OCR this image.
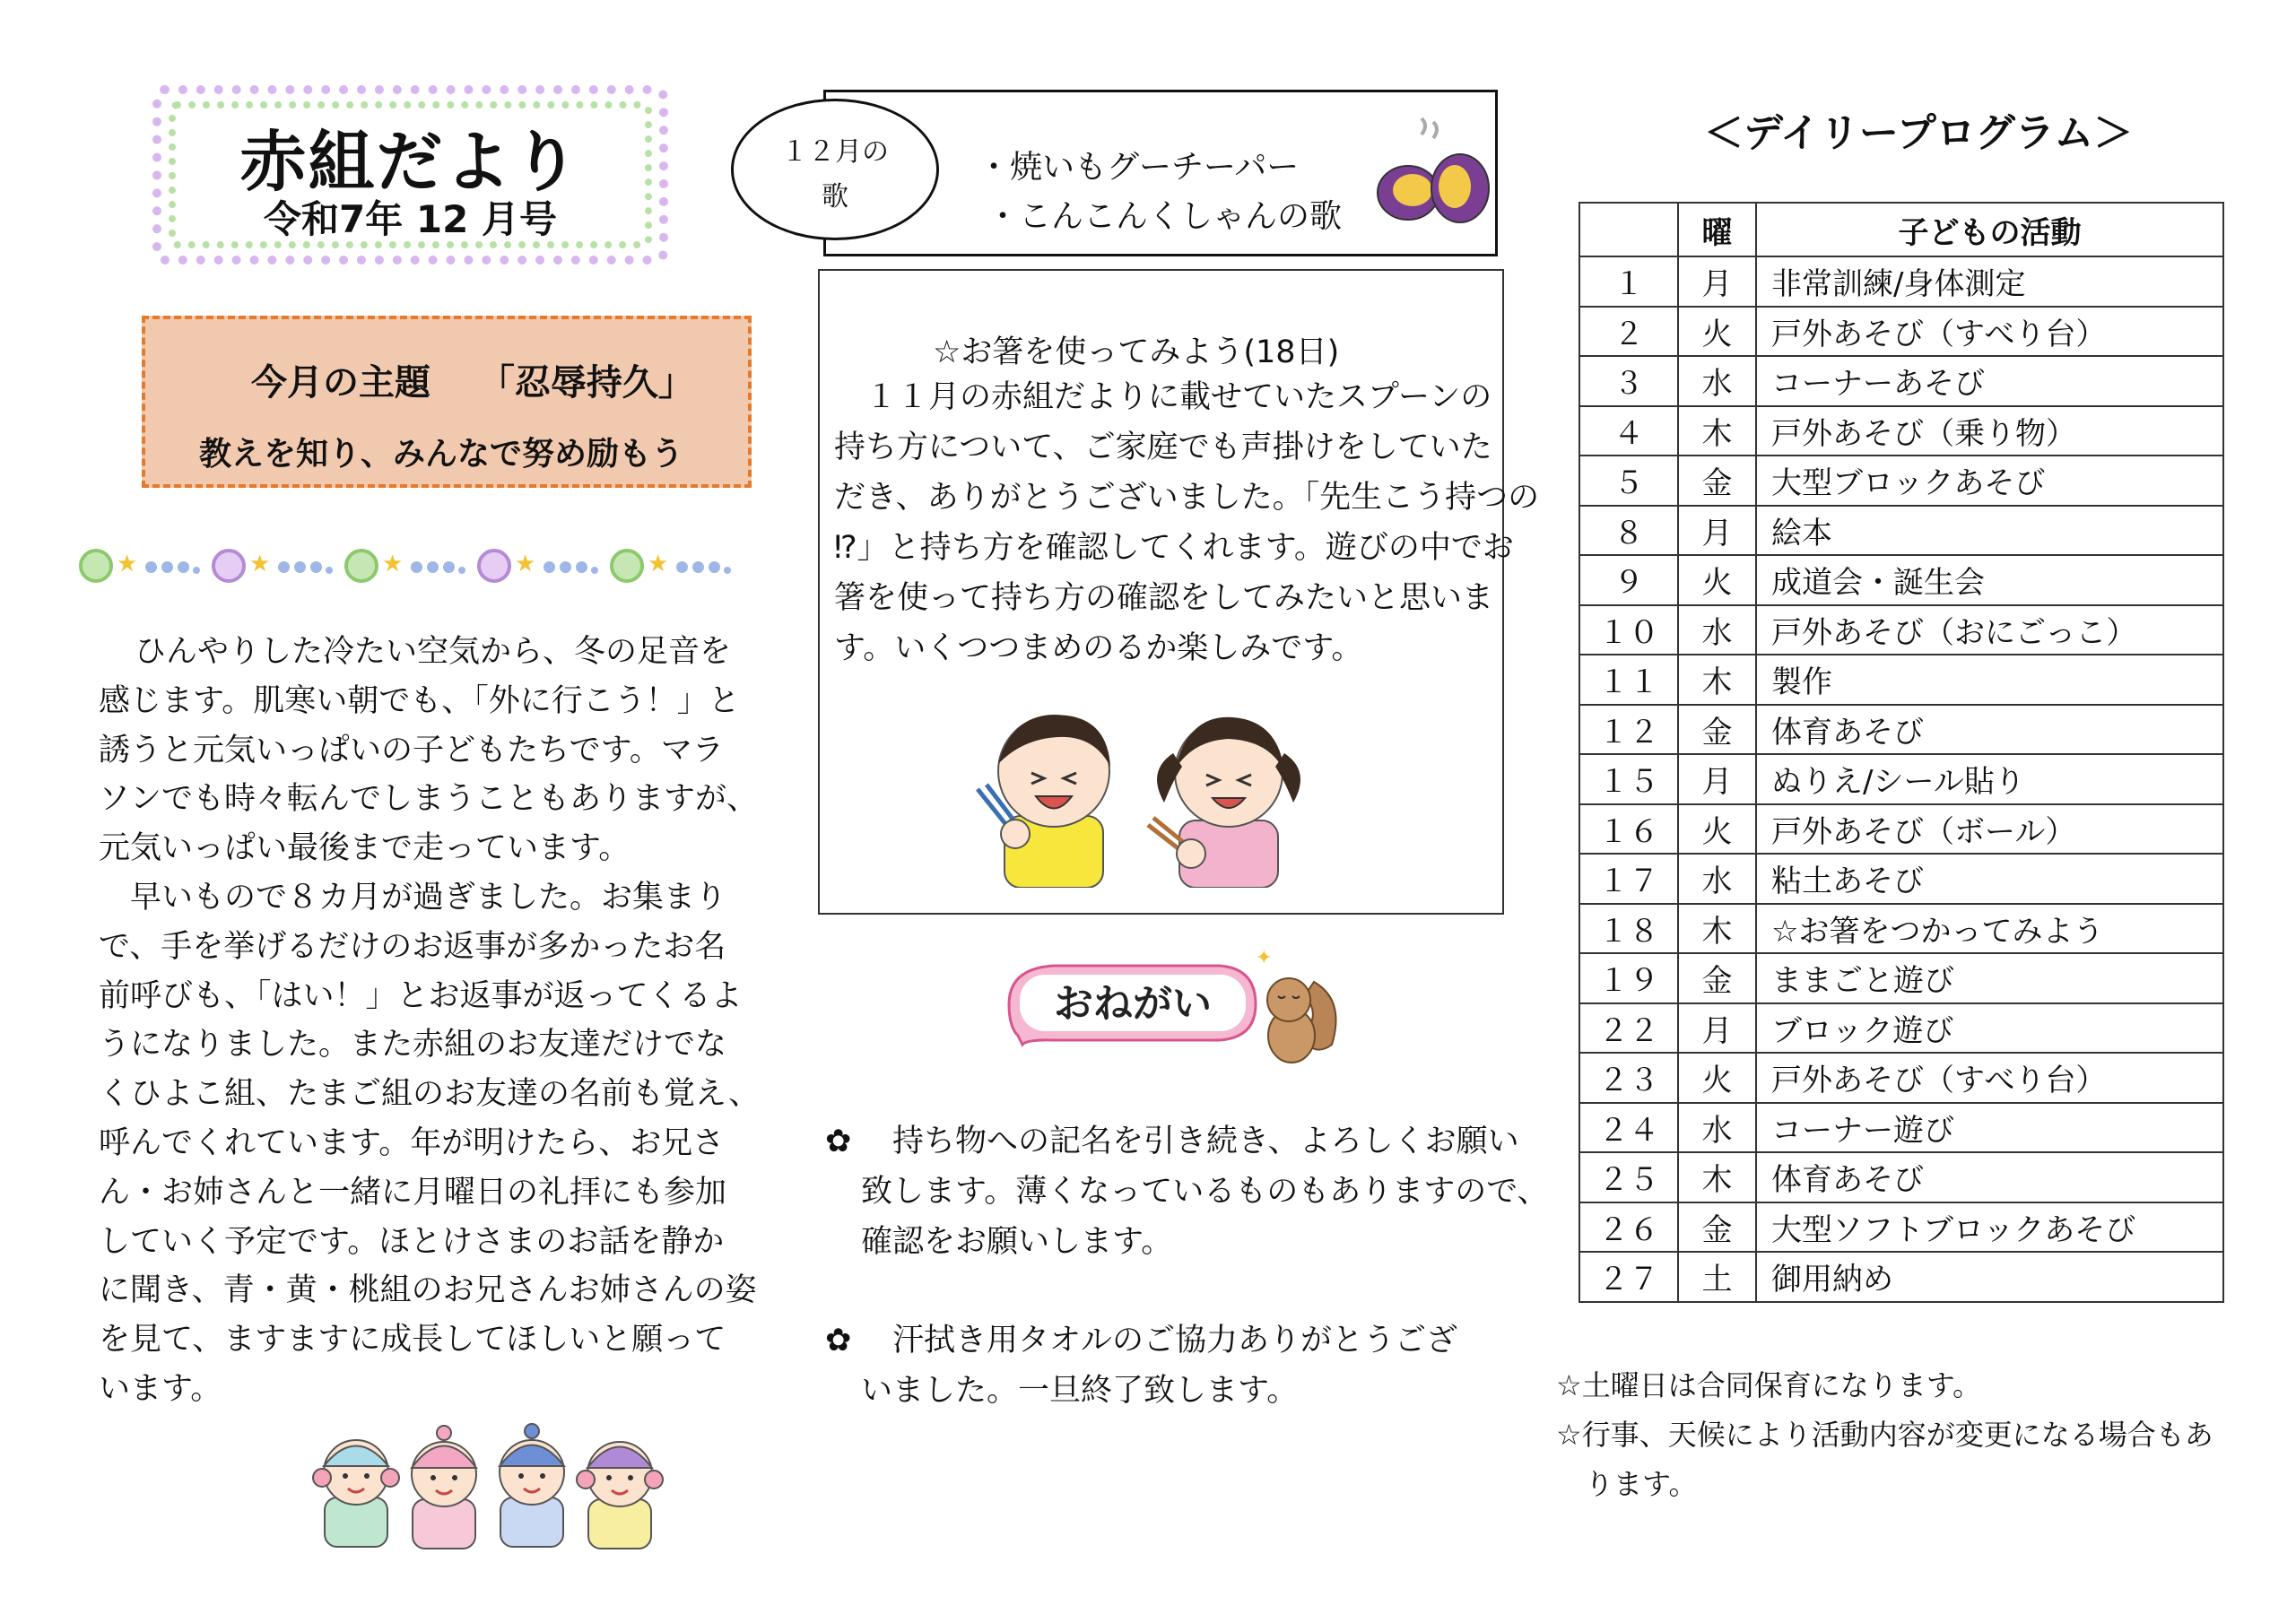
赤組だより
令和7年 12 月号
今月の主題　 「忍辱持久」
教えを知り、みんなで努め励もう
★	★	★	★	★
ひんやりした冷たい空気から、冬の足音を
感じます。肌寒い朝でも、「外に行こう！」と
誘うと元気いっぱいの子どもたちです。マラ
ソンでも時々転んでしまうこともありますが、
元気いっぱい最後まで走っています。
　早いもので８カ月が過ぎました。お集まり
で、手を挙げるだけのお返事が多かったお名
前呼びも、「はい！」とお返事が返ってくるよ
うになりました。また赤組のお友達だけでな
くひよこ組、たまご組のお友達の名前も覚え、
呼んでくれています。年が明けたら、お兄さ
ん・お姉さんと一緒に月曜日の礼拝にも参加
していく予定です。ほとけさまのお話を静か
に聞き、青・黄・桃組のお兄さんお姉さんの姿
を見て、ますますに成長してほしいと願って
います。
１２月の
歌
・焼いもグーチーパー
・こんこんくしゃんの歌
☆お箸を使ってみよう(18日)
　１１月の赤組だよりに載せていたスプーンの
持ち方について、ご家庭でも声掛けをしていた
だき、ありがとうございました。「先生こう持つの
⁉」と持ち方を確認してくれます。遊びの中でお
箸を使って持ち方の確認をしてみたいと思いま
す。いくつつまめのるか楽しみです。
おねがい
✦
✿　持ち物への記名を引き続き、よろしくお願い
致します。薄くなっているものもありますので、
確認をお願いします。
✿　汗拭き用タオルのご協力ありがとうござ
いました。一旦終了致します。
＜デイリープログラム＞
	曜	子どもの活動
１	月	非常訓練/身体測定
２	火	戸外あそび（すべり台）
３	水	コーナーあそび
４	木	戸外あそび（乗り物）
５	金	大型ブロックあそび
８	月	絵本
９	火	成道会・誕生会
１０	水	戸外あそび（おにごっこ）
１１	木	製作
１２	金	体育あそび
１５	月	ぬりえ/シール貼り
１６	火	戸外あそび（ボール）
１７	水	粘土あそび
１８	木	☆お箸をつかってみよう
１９	金	ままごと遊び
２２	月	ブロック遊び
２３	火	戸外あそび（すべり台）
２４	水	コーナー遊び
２５	木	体育あそび
２６	金	大型ソフトブロックあそび
２７	土	御用納め
☆土曜日は合同保育になります。
☆行事、天候により活動内容が変更になる場合もあ
　ります。
